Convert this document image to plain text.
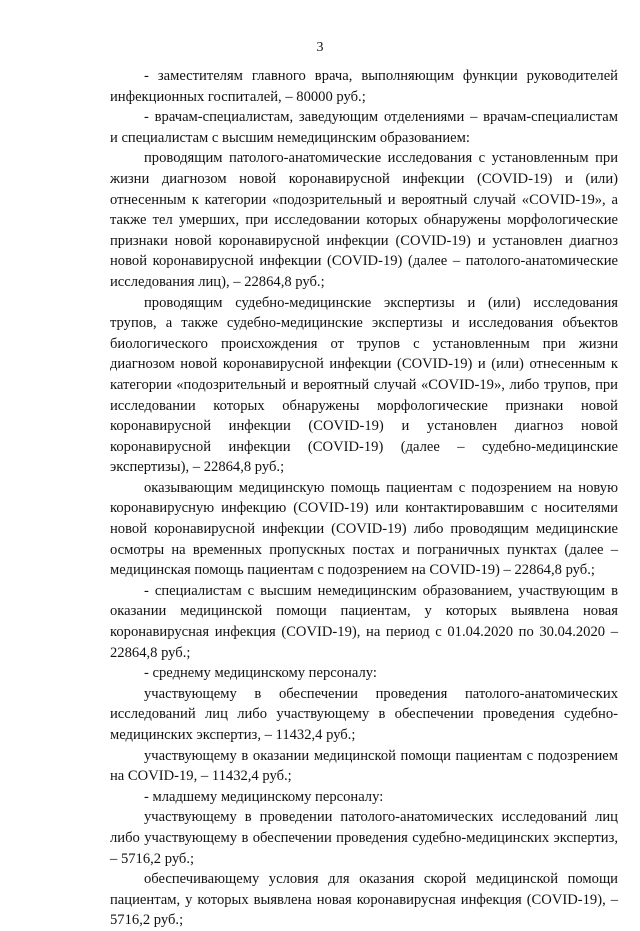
3

- заместителям главного врача, выполняющим функции руководителей инфекционных госпиталей, – 80000 руб.;

- врачам-специалистам, заведующим отделениями – врачам-специалистам и специалистам с высшим немедицинским образованием:

проводящим патолого-анатомические исследования с установленным при жизни диагнозом новой коронавирусной инфекции (COVID-19) и (или) отнесенным к категории «подозрительный и вероятный случай «COVID-19», а также тел умерших, при исследовании которых обнаружены морфологические признаки новой коронавирусной инфекции (COVID-19) и установлен диагноз новой коронавирусной инфекции (COVID-19) (далее – патолого-анатомические исследования лиц), – 22864,8 руб.;

проводящим судебно-медицинские экспертизы и (или) исследования трупов, а также судебно-медицинские экспертизы и исследования объектов биологического происхождения от трупов с установленным при жизни диагнозом новой коронавирусной инфекции (COVID-19) и (или) отнесенным к категории «подозрительный и вероятный случай «COVID-19», либо трупов, при исследовании которых обнаружены морфологические признаки новой коронавирусной инфекции (COVID-19) и установлен диагноз новой коронавирусной инфекции (COVID-19) (далее – судебно-медицинские экспертизы), – 22864,8 руб.;

оказывающим медицинскую помощь пациентам с подозрением на новую коронавирусную инфекцию (COVID-19) или контактировавшим с носителями новой коронавирусной инфекции (COVID-19) либо проводящим медицинские осмотры на временных пропускных постах и пограничных пунктах (далее – медицинская помощь пациентам с подозрением на COVID-19) – 22864,8 руб.;

- специалистам с высшим немедицинским образованием, участвующим в оказании медицинской помощи пациентам, у которых выявлена новая коронавирусная инфекция (COVID-19), на период с 01.04.2020 по 30.04.2020 – 22864,8 руб.;

- среднему медицинскому персоналу:

участвующему в обеспечении проведения патолого-анатомических исследований лиц либо участвующему в обеспечении проведения судебно-медицинских экспертиз, – 11432,4 руб.;

участвующему в оказании медицинской помощи пациентам с подозрением на COVID-19, – 11432,4 руб.;

- младшему медицинскому персоналу:

участвующему в проведении патолого-анатомических исследований лиц либо участвующему в обеспечении проведения судебно-медицинских экспертиз, – 5716,2 руб.;

обеспечивающему условия для оказания скорой медицинской помощи пациентам, у которых выявлена новая коронавирусная инфекция (COVID-19), – 5716,2 руб.;
